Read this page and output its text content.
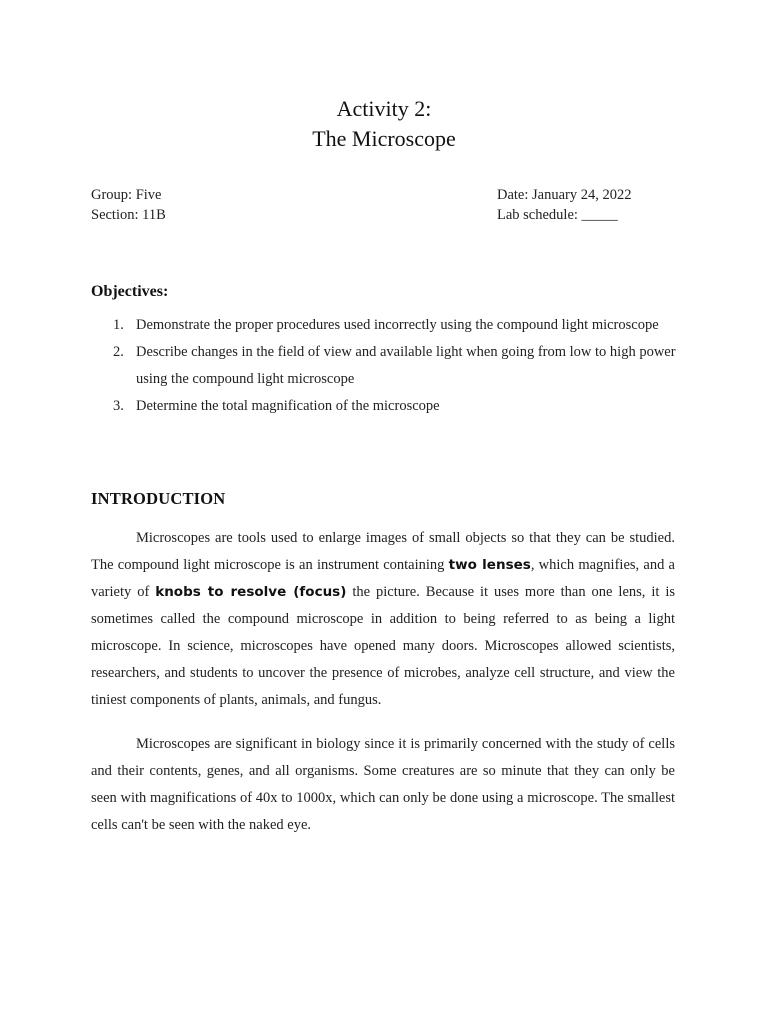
Activity 2:
The Microscope
Group: Five
Section: 11B
Date: January 24, 2022
Lab schedule: _____
Objectives:
1. Demonstrate the proper procedures used incorrectly using the compound light microscope
2. Describe changes in the field of view and available light when going from low to high power using the compound light microscope
3. Determine the total magnification of the microscope
INTRODUCTION

Microscopes are tools used to enlarge images of small objects so that they can be studied. The compound light microscope is an instrument containing two lenses, which magnifies, and a variety of knobs to resolve (focus) the picture. Because it uses more than one lens, it is sometimes called the compound microscope in addition to being referred to as being a light microscope. In science, microscopes have opened many doors. Microscopes allowed scientists, researchers, and students to uncover the presence of microbes, analyze cell structure, and view the tiniest components of plants, animals, and fungus.

Microscopes are significant in biology since it is primarily concerned with the study of cells and their contents, genes, and all organisms. Some creatures are so minute that they can only be seen with magnifications of 40x to 1000x, which can only be done using a microscope. The smallest cells can't be seen with the naked eye.
